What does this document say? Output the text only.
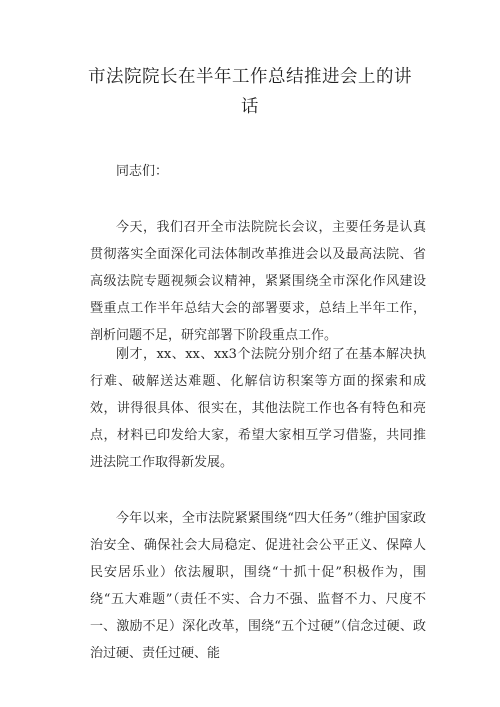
市法院院长在半年工作总结推进会上的讲话
同志们：
今天，我们召开全市法院院长会议，主要任务是认真贯彻落实全面深化司法体制改革推进会以及最高法院、省高级法院专题视频会议精神，紧紧围绕全市深化作风建设暨重点工作半年总结大会的部署要求，总结上半年工作，剖析问题不足，研究部署下阶段重点工作。
刚才，xx、xx、xx3个法院分别介绍了在基本解决执行难、破解送达难题、化解信访积案等方面的探索和成效，讲得很具体、很实在，其他法院工作也各有特色和亮点，材料已印发给大家，希望大家相互学习借鉴，共同推进法院工作取得新发展。
今年以来，全市法院紧紧围绕“四大任务”（维护国家政治安全、确保社会大局稳定、促进社会公平正义、保障人民安居乐业）依法履职，围绕“十抓十促”积极作为，围绕“五大难题”（责任不实、合力不强、监督不力、尺度不一、激励不足）深化改革，围绕“五个过硬”（信念过硬、政治过硬、责任过硬、能
